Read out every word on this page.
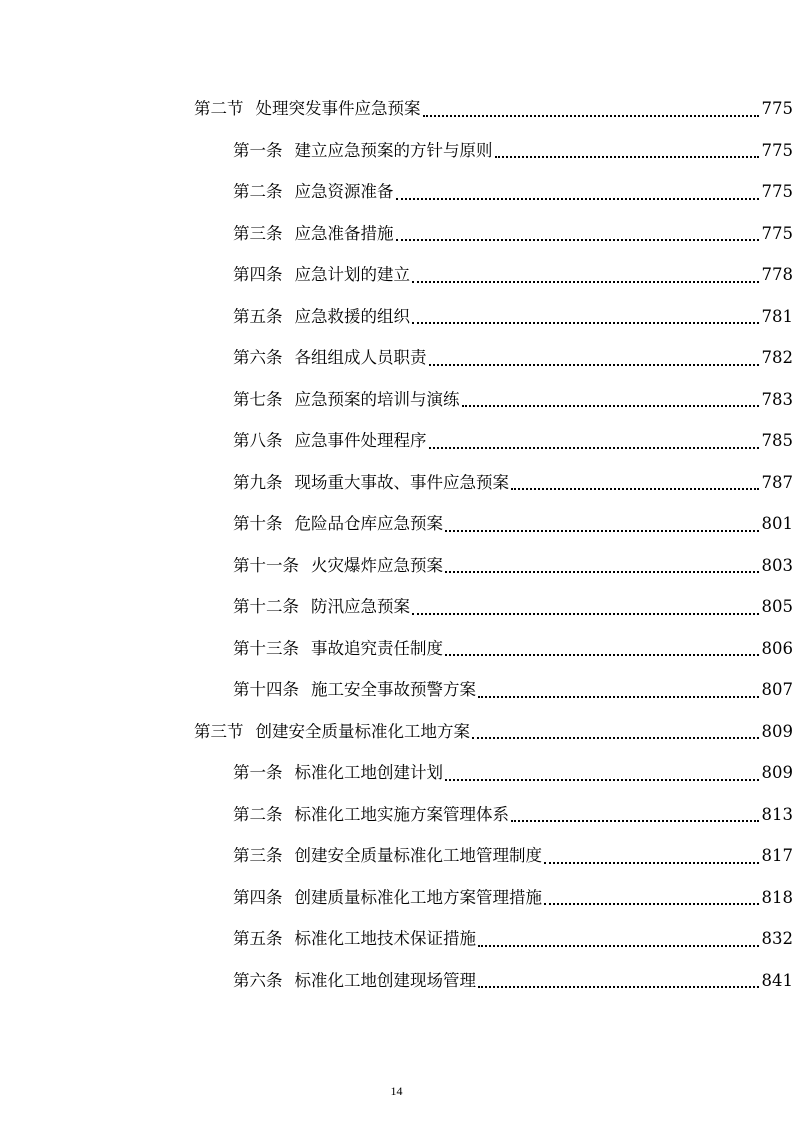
第二节 处理突发事件应急预案	775
第一条 建立应急预案的方针与原则	775
第二条 应急资源准备	775
第三条 应急准备措施	775
第四条 应急计划的建立	778
第五条 应急救援的组织	781
第六条 各组组成人员职责	782
第七条 应急预案的培训与演练	783
第八条 应急事件处理程序	785
第九条 现场重大事故、事件应急预案	787
第十条 危险品仓库应急预案	801
第十一条 火灾爆炸应急预案	803
第十二条 防汛应急预案	805
第十三条 事故追究责任制度	806
第十四条 施工安全事故预警方案	807
第三节 创建安全质量标准化工地方案	809
第一条 标准化工地创建计划	809
第二条 标准化工地实施方案管理体系	813
第三条 创建安全质量标准化工地管理制度	817
第四条 创建质量标准化工地方案管理措施	818
第五条 标准化工地技术保证措施	832
第六条 标准化工地创建现场管理	841
14
